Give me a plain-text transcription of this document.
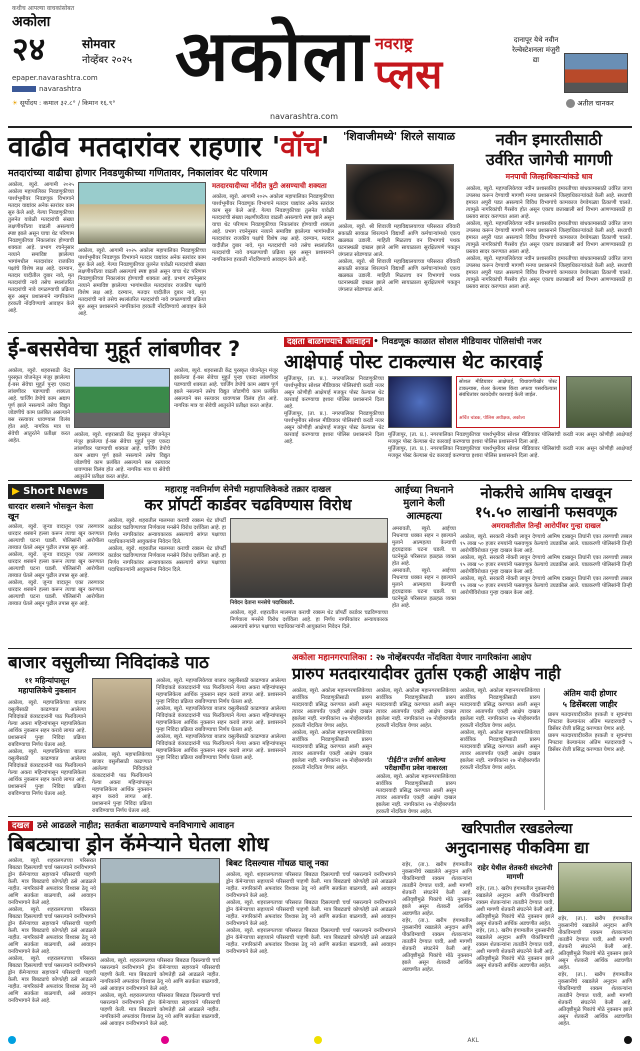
कधीच आपल्या वाचकांसोबत
अकोला
२४	सोमवार
नोव्हेंबर २०२५
epaper.navarashtra.com
navarashtra
☀ सूर्योदय : कमाल ३२.८° / किमान १६.९°
अकोला नवराष्ट्र
प्लस
navarashtra.com
दानापूर येथे नवीन रेल्वेस्टेशनला मंजुरी द्या
अतील चानकर
वाढीव मतदारांवर राहणार 'वॉच'
मतदारांच्या वाढीचा होणार निवडणुकीच्या गणितावर, निकालांवर थेट परिणाम
अकोला, ब्युरो. आगामी २०२५ अकोला महापालिका निवडणुकीच्या पार्श्वभूमीवर निवडणूक विभागाने मतदार याद्यांवर अनेक स्तरांवर काम सुरु केले आहे. गेल्या निवडणुकीच्या तुलनेत यावेळी मतदारांची संख्या लक्षणीयरीत्या वाढली असल्याचे स्पष्ट झाले असून याचा थेट परिणाम निवडणुकीच्या निकालांवर होण्याची शक्यता आहे. प्रभाग रचनेनुसार नव्याने समाविष्ट झालेल्या भागांमधील मतदारांवर राजकीय पक्षांचे विशेष लक्ष आहे. दरम्यान, मतदार यादीतील दुबार नावे, मृत मतदारांची नावे तसेच स्थलांतरित मतदारांची नावे वगळण्याची प्रक्रिया सुरु असून प्रशासनाने नागरिकांना हरकती नोंदविण्याचे आवाहन केले आहे.
मतदारयादीच्या नोंदीत त्रुटी असण्याची शक्यता
अकोला, ब्युरो. आगामी २०२५ अकोला महापालिका निवडणुकीच्या पार्श्वभूमीवर निवडणूक विभागाने मतदार याद्यांवर अनेक स्तरांवर काम सुरु केले आहे. गेल्या निवडणुकीच्या तुलनेत यावेळी मतदारांची संख्या लक्षणीयरीत्या वाढली असल्याचे स्पष्ट झाले असून याचा थेट परिणाम निवडणुकीच्या निकालांवर होण्याची शक्यता आहे. प्रभाग रचनेनुसार नव्याने समाविष्ट झालेल्या भागांमधील मतदारांवर राजकीय पक्षांचे विशेष लक्ष आहे. दरम्यान, मतदार यादीतील दुबार नावे, मृत मतदारांची नावे तसेच स्थलांतरित मतदारांची नावे वगळण्याची प्रक्रिया सुरु असून प्रशासनाने नागरिकांना हरकती नोंदविण्याचे आवाहन केले आहे.
अकोला, ब्युरो. आगामी २०२५ अकोला महापालिका निवडणुकीच्या पार्श्वभूमीवर निवडणूक विभागाने मतदार याद्यांवर अनेक स्तरांवर काम सुरु केले आहे. गेल्या निवडणुकीच्या तुलनेत यावेळी मतदारांची संख्या लक्षणीयरीत्या वाढली असल्याचे स्पष्ट झाले असून याचा थेट परिणाम निवडणुकीच्या निकालांवर होण्याची शक्यता आहे. प्रभाग रचनेनुसार नव्याने समाविष्ट झालेल्या भागांमधील मतदारांवर राजकीय पक्षांचे विशेष लक्ष आहे. दरम्यान, मतदार यादीतील दुबार नावे, मृत मतदारांची नावे तसेच स्थलांतरित मतदारांची नावे वगळण्याची प्रक्रिया सुरु असून प्रशासनाने नागरिकांना हरकती नोंदविण्याचे आवाहन केले आहे.
'शिवाजीमध्ये' शिरले सायाळ
अकोला, ब्युरो. श्री शिवाजी महाविद्यालयाच्या परिसरात रविवारी सकाळी सायाळ शिरल्याने विद्यार्थी आणि कर्मचाऱ्यांमध्ये एकच खळबळ उडाली. माहिती मिळताच वन विभागाचे पथक घटनास्थळी दाखल झाले आणि सायाळाला सुरक्षितपणे पकडून जंगलात सोडण्यात आले.
अकोला, ब्युरो. श्री शिवाजी महाविद्यालयाच्या परिसरात रविवारी सकाळी सायाळ शिरल्याने विद्यार्थी आणि कर्मचाऱ्यांमध्ये एकच खळबळ उडाली. माहिती मिळताच वन विभागाचे पथक घटनास्थळी दाखल झाले आणि सायाळाला सुरक्षितपणे पकडून जंगलात सोडण्यात आले.
नवीन इमारतीसाठी
उर्वरित जागेची मागणी
मनपाची जिल्हाधिकाऱ्यांकडे धाव
अकोला, ब्युरो. महापालिकेच्या नवीन प्रशासकीय इमारतीच्या बांधकामासाठी उर्वरित जागा उपलब्ध करून देण्याची मागणी मनपा प्रशासनाने जिल्हाधिकाऱ्यांकडे केली आहे. सध्याची इमारत अपुरी पडत असल्याने विविध विभागांचे कामकाज वेगवेगळ्या ठिकाणी चालते. त्यामुळे नागरिकांची गैरसोय होत असून एकाच छताखाली सर्व विभाग आणण्यासाठी हा प्रस्ताव सादर करण्यात आला आहे.
अकोला, ब्युरो. महापालिकेच्या नवीन प्रशासकीय इमारतीच्या बांधकामासाठी उर्वरित जागा उपलब्ध करून देण्याची मागणी मनपा प्रशासनाने जिल्हाधिकाऱ्यांकडे केली आहे. सध्याची इमारत अपुरी पडत असल्याने विविध विभागांचे कामकाज वेगवेगळ्या ठिकाणी चालते. त्यामुळे नागरिकांची गैरसोय होत असून एकाच छताखाली सर्व विभाग आणण्यासाठी हा प्रस्ताव सादर करण्यात आला आहे.
अकोला, ब्युरो. महापालिकेच्या नवीन प्रशासकीय इमारतीच्या बांधकामासाठी उर्वरित जागा उपलब्ध करून देण्याची मागणी मनपा प्रशासनाने जिल्हाधिकाऱ्यांकडे केली आहे. सध्याची इमारत अपुरी पडत असल्याने विविध विभागांचे कामकाज वेगवेगळ्या ठिकाणी चालते. त्यामुळे नागरिकांची गैरसोय होत असून एकाच छताखाली सर्व विभाग आणण्यासाठी हा प्रस्ताव सादर करण्यात आला आहे.
ई-बससेवेचा मुहूर्त लांबणीवर ?
अकोला, ब्युरो. शहरासाठी केंद्र पुरस्कृत योजनेतून मंजूर झालेल्या ई-बस सेवेचा मुहूर्त पुन्हा एकदा लांबणीवर पडण्याची शक्यता आहे. चार्जिंग डेपोचे काम अद्याप पूर्ण झाले नसल्याने तसेच विद्युत जोडणीचे काम प्रलंबित असल्याने बस रस्त्यावर धावण्यास विलंब होत आहे. नागरिक मात्र या सेवेची आतुरतेने प्रतीक्षा करत आहेत.
अकोला, ब्युरो. शहरासाठी केंद्र पुरस्कृत योजनेतून मंजूर झालेल्या ई-बस सेवेचा मुहूर्त पुन्हा एकदा लांबणीवर पडण्याची शक्यता आहे. चार्जिंग डेपोचे काम अद्याप पूर्ण झाले नसल्याने तसेच विद्युत जोडणीचे काम प्रलंबित असल्याने बस रस्त्यावर धावण्यास विलंब होत आहे. नागरिक मात्र या सेवेची आतुरतेने प्रतीक्षा करत आहेत.
अकोला, ब्युरो. शहरासाठी केंद्र पुरस्कृत योजनेतून मंजूर झालेल्या ई-बस सेवेचा मुहूर्त पुन्हा एकदा लांबणीवर पडण्याची शक्यता आहे. चार्जिंग डेपोचे काम अद्याप पूर्ण झाले नसल्याने तसेच विद्युत जोडणीचे काम प्रलंबित असल्याने बस रस्त्यावर धावण्यास विलंब होत आहे. नागरिक मात्र या सेवेची आतुरतेने प्रतीक्षा करत आहेत.
दक्षता बाळगण्याचे आवाहन • निवडणूक काळात सोशल मीडियावर पोलिसांची नजर
आक्षेपार्ह पोस्ट टाकल्यास थेट कारवाई
सोशल मीडियावर आक्षेपार्ह, चिथावणीखोर पोस्ट टाकल्यास, शेअर केल्यास किंवा अफवा पसरविल्यास संबंधितांवर कायदेशीर कारवाई केली जाईल.
अर्चित चांडक, पोलिस अधीक्षक, अकोला
मूर्तिजापूर, (ता. प्र.). नगरपालिका निवडणुकीच्या पार्श्वभूमीवर सोशल मीडियावर पोलिसांची करडी नजर असून कोणीही आक्षेपार्ह मजकूर पोस्ट केल्यास थेट कारवाई करण्याचा इशारा पोलिस प्रशासनाने दिला आहे.
मूर्तिजापूर, (ता. प्र.). नगरपालिका निवडणुकीच्या पार्श्वभूमीवर सोशल मीडियावर पोलिसांची करडी नजर असून कोणीही आक्षेपार्ह मजकूर पोस्ट केल्यास थेट कारवाई करण्याचा इशारा पोलिस प्रशासनाने दिला आहे.
मूर्तिजापूर, (ता. प्र.). नगरपालिका निवडणुकीच्या पार्श्वभूमीवर सोशल मीडियावर पोलिसांची करडी नजर असून कोणीही आक्षेपार्ह मजकूर पोस्ट केल्यास थेट कारवाई करण्याचा इशारा पोलिस प्रशासनाने दिला आहे.
मूर्तिजापूर, (ता. प्र.). नगरपालिका निवडणुकीच्या पार्श्वभूमीवर सोशल मीडियावर पोलिसांची करडी नजर असून कोणीही आक्षेपार्ह मजकूर पोस्ट केल्यास थेट कारवाई करण्याचा इशारा पोलिस प्रशासनाने दिला आहे.
▶ Short News
धारदार शस्त्राने भोसकून केला खून
अकोला, ब्युरो. जुन्या वादातून एका तरुणावर धारदार शस्त्राने हल्ला करून त्याचा खून करण्यात आल्याची घटना घडली. पोलिसांनी आरोपीला ताब्यात घेतले असून पुढील तपास सुरु आहे.
अकोला, ब्युरो. जुन्या वादातून एका तरुणावर धारदार शस्त्राने हल्ला करून त्याचा खून करण्यात आल्याची घटना घडली. पोलिसांनी आरोपीला ताब्यात घेतले असून पुढील तपास सुरु आहे.
अकोला, ब्युरो. जुन्या वादातून एका तरुणावर धारदार शस्त्राने हल्ला करून त्याचा खून करण्यात आल्याची घटना घडली. पोलिसांनी आरोपीला ताब्यात घेतले असून पुढील तपास सुरु आहे.
महाराष्ट्र नवनिर्माण सेनेची महापालिकेकडे तक्रार दाखल
कर प्रॉपर्टी कार्डवर चढविण्यास विरोध
अकोला, ब्युरो. शहरातील मालमत्ता कराची रक्कम थेट प्रॉपर्टी कार्डवर चढविण्याच्या निर्णयाला मनसेने विरोध दर्शविला आहे. हा निर्णय नागरिकांवर अन्यायकारक असल्याचे सांगत पक्षाच्या पदाधिकाऱ्यांनी आयुक्तांना निवेदन दिले.
अकोला, ब्युरो. शहरातील मालमत्ता कराची रक्कम थेट प्रॉपर्टी कार्डवर चढविण्याच्या निर्णयाला मनसेने विरोध दर्शविला आहे. हा निर्णय नागरिकांवर अन्यायकारक असल्याचे सांगत पक्षाच्या पदाधिकाऱ्यांनी आयुक्तांना निवेदन दिले.
निवेदन देताना मनसेचे पदाधिकारी.
अकोला, ब्युरो. शहरातील मालमत्ता कराची रक्कम थेट प्रॉपर्टी कार्डवर चढविण्याच्या निर्णयाला मनसेने विरोध दर्शविला आहे. हा निर्णय नागरिकांवर अन्यायकारक असल्याचे सांगत पक्षाच्या पदाधिकाऱ्यांनी आयुक्तांना निवेदन दिले.
आईच्या निधनाने मुलाने केली आत्महत्या
अमरावती, ब्युरो. आईच्या निधनाचा धक्का सहन न झाल्याने मुलाने आत्महत्या केल्याची हृदयद्रावक घटना घडली. या घटनेमुळे परिसरात हळहळ व्यक्त होत आहे.
अमरावती, ब्युरो. आईच्या निधनाचा धक्का सहन न झाल्याने मुलाने आत्महत्या केल्याची हृदयद्रावक घटना घडली. या घटनेमुळे परिसरात हळहळ व्यक्त होत आहे.
नोकरीचे आमिष दाखवून
१५.५० लाखांनी फसवणूक
अमरावतीतील तिन्ही आरोपींवर गुन्हा दाखल
अकोला, ब्युरो. सरकारी नोकरी लावून देण्याचे आमिष दाखवून तिघांनी एका तरुणाची तब्बल १५ लाख ५० हजार रुपयांनी फसवणूक केल्याचे उघडकीस आले. याप्रकरणी पोलिसांनी तिन्ही आरोपींविरोधात गुन्हा दाखल केला आहे.
अकोला, ब्युरो. सरकारी नोकरी लावून देण्याचे आमिष दाखवून तिघांनी एका तरुणाची तब्बल १५ लाख ५० हजार रुपयांनी फसवणूक केल्याचे उघडकीस आले. याप्रकरणी पोलिसांनी तिन्ही आरोपींविरोधात गुन्हा दाखल केला आहे.
अकोला, ब्युरो. सरकारी नोकरी लावून देण्याचे आमिष दाखवून तिघांनी एका तरुणाची तब्बल १५ लाख ५० हजार रुपयांनी फसवणूक केल्याचे उघडकीस आले. याप्रकरणी पोलिसांनी तिन्ही आरोपींविरोधात गुन्हा दाखल केला आहे.
बाजार वसुलीच्या निविदांकडे पाठ
११ महिन्यांपासून महापालिकेचे नुकसान
अकोला, ब्युरो. महापालिकेच्या बाजार वसुलीसाठी काढण्यात आलेल्या निविदांकडे कंत्राटदारांनी पाठ फिरविल्याने गेल्या अकरा महिन्यांपासून महापालिकेला आर्थिक नुकसान सहन करावे लागत आहे. प्रशासनाने पुन्हा निविदा प्रक्रिया राबविण्याचा निर्णय घेतला आहे.
अकोला, ब्युरो. महापालिकेच्या बाजार वसुलीसाठी काढण्यात आलेल्या निविदांकडे कंत्राटदारांनी पाठ फिरविल्याने गेल्या अकरा महिन्यांपासून महापालिकेला आर्थिक नुकसान सहन करावे लागत आहे. प्रशासनाने पुन्हा निविदा प्रक्रिया राबविण्याचा निर्णय घेतला आहे.
अकोला, ब्युरो. महापालिकेच्या बाजार वसुलीसाठी काढण्यात आलेल्या निविदांकडे कंत्राटदारांनी पाठ फिरविल्याने गेल्या अकरा महिन्यांपासून महापालिकेला आर्थिक नुकसान सहन करावे लागत आहे. प्रशासनाने पुन्हा निविदा प्रक्रिया राबविण्याचा निर्णय घेतला आहे.
अकोला, ब्युरो. महापालिकेच्या बाजार वसुलीसाठी काढण्यात आलेल्या निविदांकडे कंत्राटदारांनी पाठ फिरविल्याने गेल्या अकरा महिन्यांपासून महापालिकेला आर्थिक नुकसान सहन करावे लागत आहे. प्रशासनाने पुन्हा निविदा प्रक्रिया राबविण्याचा निर्णय घेतला आहे.
अकोला, ब्युरो. महापालिकेच्या बाजार वसुलीसाठी काढण्यात आलेल्या निविदांकडे कंत्राटदारांनी पाठ फिरविल्याने गेल्या अकरा महिन्यांपासून महापालिकेला आर्थिक नुकसान सहन करावे लागत आहे. प्रशासनाने पुन्हा निविदा प्रक्रिया राबविण्याचा निर्णय घेतला आहे.
अकोला, ब्युरो. महापालिकेच्या बाजार वसुलीसाठी काढण्यात आलेल्या निविदांकडे कंत्राटदारांनी पाठ फिरविल्याने गेल्या अकरा महिन्यांपासून महापालिकेला आर्थिक नुकसान सहन करावे लागत आहे. प्रशासनाने पुन्हा निविदा प्रक्रिया राबविण्याचा निर्णय घेतला आहे.
अकोला महानगरपालिका : २७ नोव्हेंबरपर्यंत नोंदविता येणार नागरिकांना आक्षेप
प्रारुप मतदारयादीवर तुर्तास एकही आक्षेप नाही
अकोला, ब्युरो. अकोला महानगरपालिकेच्या सार्वत्रिक निवडणुकीसाठी प्रारुप मतदारयादी प्रसिद्ध करण्यात आली असून त्यावर आतापर्यंत एकही आक्षेप दाखल झालेला नाही. नागरिकांना २७ नोव्हेंबरपर्यंत हरकती नोंदविता येणार आहेत.
अकोला, ब्युरो. अकोला महानगरपालिकेच्या सार्वत्रिक निवडणुकीसाठी प्रारुप मतदारयादी प्रसिद्ध करण्यात आली असून त्यावर आतापर्यंत एकही आक्षेप दाखल झालेला नाही. नागरिकांना २७ नोव्हेंबरपर्यंत हरकती नोंदविता येणार आहेत.
अकोला, ब्युरो. अकोला महानगरपालिकेच्या सार्वत्रिक निवडणुकीसाठी प्रारुप मतदारयादी प्रसिद्ध करण्यात आली असून त्यावर आतापर्यंत एकही आक्षेप दाखल झालेला नाही. नागरिकांना २७ नोव्हेंबरपर्यंत हरकती नोंदविता येणार आहेत.
'टीईटी'त उत्तीर्ण आलेल्या परीक्षार्थींना प्रवेश नाकारला
अकोला, ब्युरो. अकोला महानगरपालिकेच्या सार्वत्रिक निवडणुकीसाठी प्रारुप मतदारयादी प्रसिद्ध करण्यात आली असून त्यावर आतापर्यंत एकही आक्षेप दाखल झालेला नाही. नागरिकांना २७ नोव्हेंबरपर्यंत हरकती नोंदविता येणार आहेत.
अकोला, ब्युरो. अकोला महानगरपालिकेच्या सार्वत्रिक निवडणुकीसाठी प्रारुप मतदारयादी प्रसिद्ध करण्यात आली असून त्यावर आतापर्यंत एकही आक्षेप दाखल झालेला नाही. नागरिकांना २७ नोव्हेंबरपर्यंत हरकती नोंदविता येणार आहेत.
अकोला, ब्युरो. अकोला महानगरपालिकेच्या सार्वत्रिक निवडणुकीसाठी प्रारुप मतदारयादी प्रसिद्ध करण्यात आली असून त्यावर आतापर्यंत एकही आक्षेप दाखल झालेला नाही. नागरिकांना २७ नोव्हेंबरपर्यंत हरकती नोंदविता येणार आहेत.
अंतिम यादी होणार
५ डिसेंबरला जाहीर
प्रारुप मतदारयादीवरील हरकती व सूचनांचा निपटारा केल्यानंतर अंतिम मतदारयादी ५ डिसेंबर रोजी प्रसिद्ध करण्यात येणार आहे.
प्रारुप मतदारयादीवरील हरकती व सूचनांचा निपटारा केल्यानंतर अंतिम मतदारयादी ५ डिसेंबर रोजी प्रसिद्ध करण्यात येणार आहे.
दखल ठसे आढळले नाहीत; सतर्कता बाळगण्याचे वनविभागाचे आवाहन
बिबट्याचा ड्रोन कॅमेऱ्याने घेतला शोध
अकोला, ब्युरो. शहरालगतच्या परिसरात बिबट्या दिसल्याची चर्चा पसरल्याने वनविभागाने ड्रोन कॅमेऱ्याच्या सहाय्याने परिसराची पाहणी केली. मात्र बिबट्याचे कोणतेही ठसे आढळले नाहीत. नागरिकांनी अफवांवर विश्वास ठेवू नये आणि सतर्कता बाळगावी, असे आवाहन वनविभागाने केले आहे.
अकोला, ब्युरो. शहरालगतच्या परिसरात बिबट्या दिसल्याची चर्चा पसरल्याने वनविभागाने ड्रोन कॅमेऱ्याच्या सहाय्याने परिसराची पाहणी केली. मात्र बिबट्याचे कोणतेही ठसे आढळले नाहीत. नागरिकांनी अफवांवर विश्वास ठेवू नये आणि सतर्कता बाळगावी, असे आवाहन वनविभागाने केले आहे.
अकोला, ब्युरो. शहरालगतच्या परिसरात बिबट्या दिसल्याची चर्चा पसरल्याने वनविभागाने ड्रोन कॅमेऱ्याच्या सहाय्याने परिसराची पाहणी केली. मात्र बिबट्याचे कोणतेही ठसे आढळले नाहीत. नागरिकांनी अफवांवर विश्वास ठेवू नये आणि सतर्कता बाळगावी, असे आवाहन वनविभागाने केले आहे.
अकोला, ब्युरो. शहरालगतच्या परिसरात बिबट्या दिसल्याची चर्चा पसरल्याने वनविभागाने ड्रोन कॅमेऱ्याच्या सहाय्याने परिसराची पाहणी केली. मात्र बिबट्याचे कोणतेही ठसे आढळले नाहीत. नागरिकांनी अफवांवर विश्वास ठेवू नये आणि सतर्कता बाळगावी, असे आवाहन वनविभागाने केले आहे.
अकोला, ब्युरो. शहरालगतच्या परिसरात बिबट्या दिसल्याची चर्चा पसरल्याने वनविभागाने ड्रोन कॅमेऱ्याच्या सहाय्याने परिसराची पाहणी केली. मात्र बिबट्याचे कोणतेही ठसे आढळले नाहीत. नागरिकांनी अफवांवर विश्वास ठेवू नये आणि सतर्कता बाळगावी, असे आवाहन वनविभागाने केले आहे.
बिबट दिसल्यास गोंधळ घालू नका
अकोला, ब्युरो. शहरालगतच्या परिसरात बिबट्या दिसल्याची चर्चा पसरल्याने वनविभागाने ड्रोन कॅमेऱ्याच्या सहाय्याने परिसराची पाहणी केली. मात्र बिबट्याचे कोणतेही ठसे आढळले नाहीत. नागरिकांनी अफवांवर विश्वास ठेवू नये आणि सतर्कता बाळगावी, असे आवाहन वनविभागाने केले आहे.
अकोला, ब्युरो. शहरालगतच्या परिसरात बिबट्या दिसल्याची चर्चा पसरल्याने वनविभागाने ड्रोन कॅमेऱ्याच्या सहाय्याने परिसराची पाहणी केली. मात्र बिबट्याचे कोणतेही ठसे आढळले नाहीत. नागरिकांनी अफवांवर विश्वास ठेवू नये आणि सतर्कता बाळगावी, असे आवाहन वनविभागाने केले आहे.
अकोला, ब्युरो. शहरालगतच्या परिसरात बिबट्या दिसल्याची चर्चा पसरल्याने वनविभागाने ड्रोन कॅमेऱ्याच्या सहाय्याने परिसराची पाहणी केली. मात्र बिबट्याचे कोणतेही ठसे आढळले नाहीत. नागरिकांनी अफवांवर विश्वास ठेवू नये आणि सतर्कता बाळगावी, असे आवाहन वनविभागाने केले आहे.
खरिपातील रखडलेल्या
अनुदानासह पीकविमा द्या
राहेर, (ता.). खरीप हंगामातील नुकसानीचे रखडलेले अनुदान आणि पीकविम्याची रक्कम शेतकऱ्यांना तातडीने देण्यात यावी, अशी मागणी शेतकरी संघटनेने केली आहे. अतिवृष्टीमुळे पिकांचे मोठे नुकसान झाले असून शेतकरी आर्थिक अडचणीत आहेत.
राहेर, (ता.). खरीप हंगामातील नुकसानीचे रखडलेले अनुदान आणि पीकविम्याची रक्कम शेतकऱ्यांना तातडीने देण्यात यावी, अशी मागणी शेतकरी संघटनेने केली आहे. अतिवृष्टीमुळे पिकांचे मोठे नुकसान झाले असून शेतकरी आर्थिक अडचणीत आहेत.
राहेर येथील शेतकरी संघटनेची मागणी
राहेर, (ता.). खरीप हंगामातील नुकसानीचे रखडलेले अनुदान आणि पीकविम्याची रक्कम शेतकऱ्यांना तातडीने देण्यात यावी, अशी मागणी शेतकरी संघटनेने केली आहे. अतिवृष्टीमुळे पिकांचे मोठे नुकसान झाले असून शेतकरी आर्थिक अडचणीत आहेत.
राहेर, (ता.). खरीप हंगामातील नुकसानीचे रखडलेले अनुदान आणि पीकविम्याची रक्कम शेतकऱ्यांना तातडीने देण्यात यावी, अशी मागणी शेतकरी संघटनेने केली आहे. अतिवृष्टीमुळे पिकांचे मोठे नुकसान झाले असून शेतकरी आर्थिक अडचणीत आहेत.
राहेर, (ता.). खरीप हंगामातील नुकसानीचे रखडलेले अनुदान आणि पीकविम्याची रक्कम शेतकऱ्यांना तातडीने देण्यात यावी, अशी मागणी शेतकरी संघटनेने केली आहे. अतिवृष्टीमुळे पिकांचे मोठे नुकसान झाले असून शेतकरी आर्थिक अडचणीत आहेत.
राहेर, (ता.). खरीप हंगामातील नुकसानीचे रखडलेले अनुदान आणि पीकविम्याची रक्कम शेतकऱ्यांना तातडीने देण्यात यावी, अशी मागणी शेतकरी संघटनेने केली आहे. अतिवृष्टीमुळे पिकांचे मोठे नुकसान झाले असून शेतकरी आर्थिक अडचणीत आहेत.
AKL
